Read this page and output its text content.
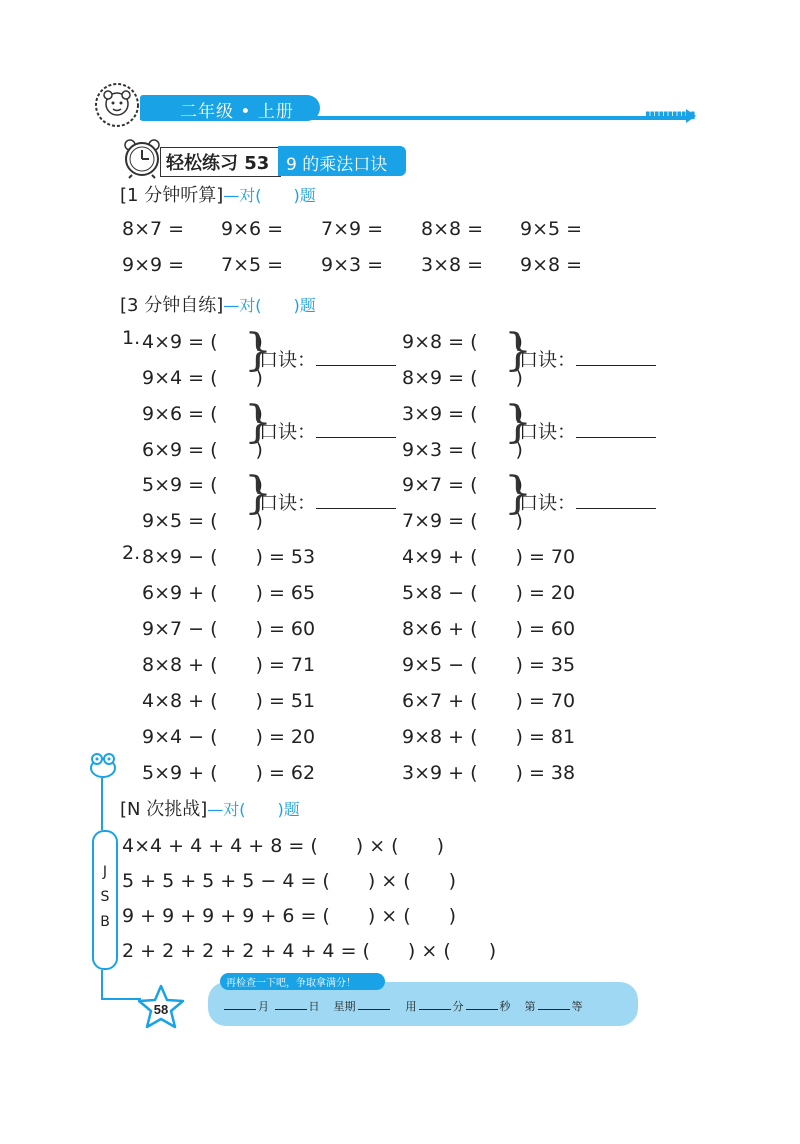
二年级 • 上册	▮▮▮▮▮▮▮▮▮▮▮
轻松练习 53 9 的乘法口诀
[1 分钟听算]—对(　　)题
8×7 = 9×6 = 7×9 = 8×8 = 9×5 =
9×9 = 7×5 = 9×3 = 3×8 = 9×8 =
[3 分钟自练]—对(　　)题
1. 4×9 = (　　)
9×4 = (　　)
}
口诀：
9×8 = (　　)
8×9 = (　　)
}
口诀：
9×6 = (　　)
6×9 = (　　)
}
口诀：
3×9 = (　　)
9×3 = (　　)
}
口诀：
5×9 = (　　)
9×5 = (　　)
}
口诀：
9×7 = (　　)
7×9 = (　　)
}
口诀：
2. 8×9 − (　　) = 53	4×9 + (　　) = 70
6×9 + (　　) = 65	5×8 − (　　) = 20
9×7 − (　　) = 60	8×6 + (　　) = 60
8×8 + (　　) = 71	9×5 − (　　) = 35
4×8 + (　　) = 51	6×7 + (　　) = 70
9×4 − (　　) = 20	9×8 + (　　) = 81
5×9 + (　　) = 62	3×9 + (　　) = 38
J
S
B
[N 次挑战]—对(　　)题
4×4 + 4 + 4 + 8 = (　　) × (　　)
5 + 5 + 5 + 5 − 4 = (　　) × (　　)
9 + 9 + 9 + 9 + 6 = (　　) × (　　)
2 + 2 + 2 + 2 + 4 + 4 = (　　) × (　　)
再检查一下吧，争取拿满分！
月	日 星期	用	分	秒 第	等
58
